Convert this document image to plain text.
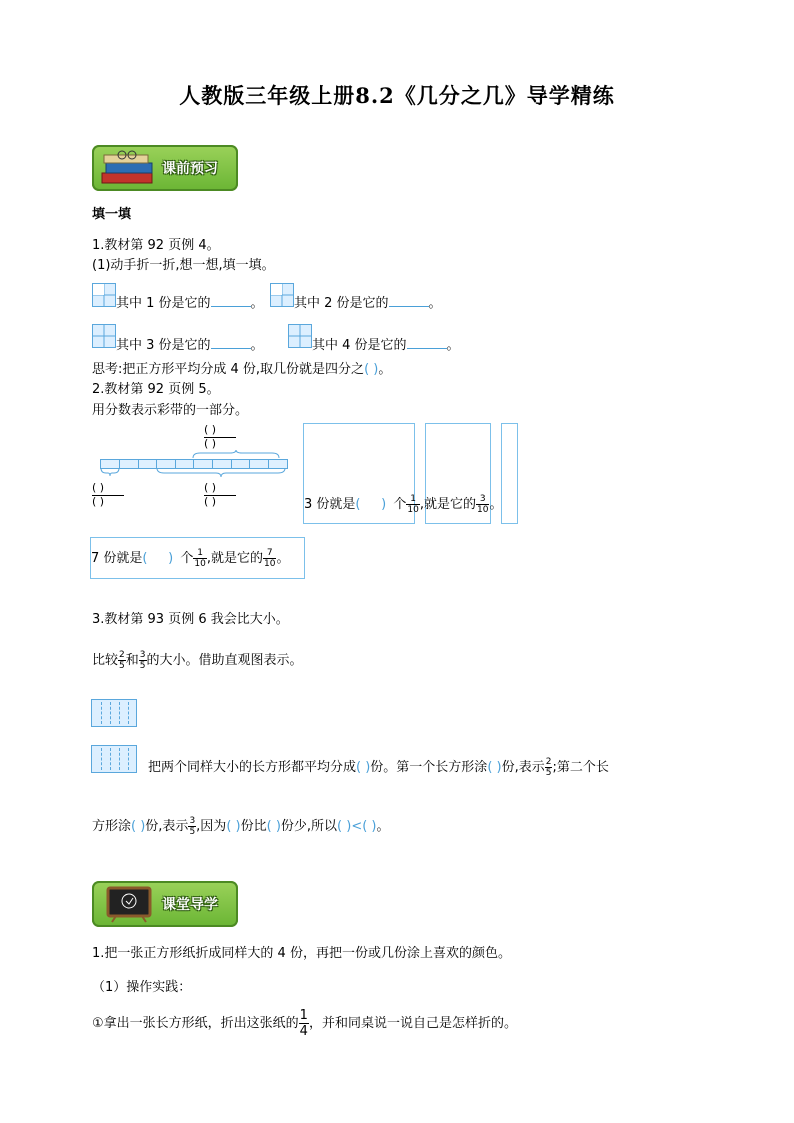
人教版三年级上册8.2《几分之几》导学精练
课前预习
填一填
1.教材第 92 页例 4。
(1)动手折一折,想一想,填一填。
其中 1 份是它的	。 其中 2 份是它的	。
其中 3 份是它的	。	其中 4 份是它的	。
思考:把正方形平均分成 4 份,取几份就是四分之( )。
2.教材第 92 页例 5。
用分数表示彩带的一部分。
( )
( )
( )
( )
( )
( )	3 份就是(     ) 个 $\frac{1}{10}$ ,就是它的 $\frac{3}{10}$ 。
7 份就是(     ) 个 $\frac{1}{10}$ ,就是它的 $\frac{7}{10}$ 。
3.教材第 93 页例 6 我会比大小。
比较 $\frac{2}{5}$ 和 $\frac{3}{5}$ 的大小。借助直观图表示。
把两个同样大小的长方形都平均分成( )份。第一个长方形涂( )份,表示 $\frac{2}{5}$ ;第二个长
方形涂( )份,表示 $\frac{3}{5}$ ,因为( )份比( )份少,所以( )<( )。
课堂导学
1.把一张正方形纸折成同样大的 4 份，再把一份或几份涂上喜欢的颜色。
（1）操作实践：
①拿出一张长方形纸，折出这张纸的 $\frac{1}{4}$ ，并和同桌说一说自己是怎样折的。
